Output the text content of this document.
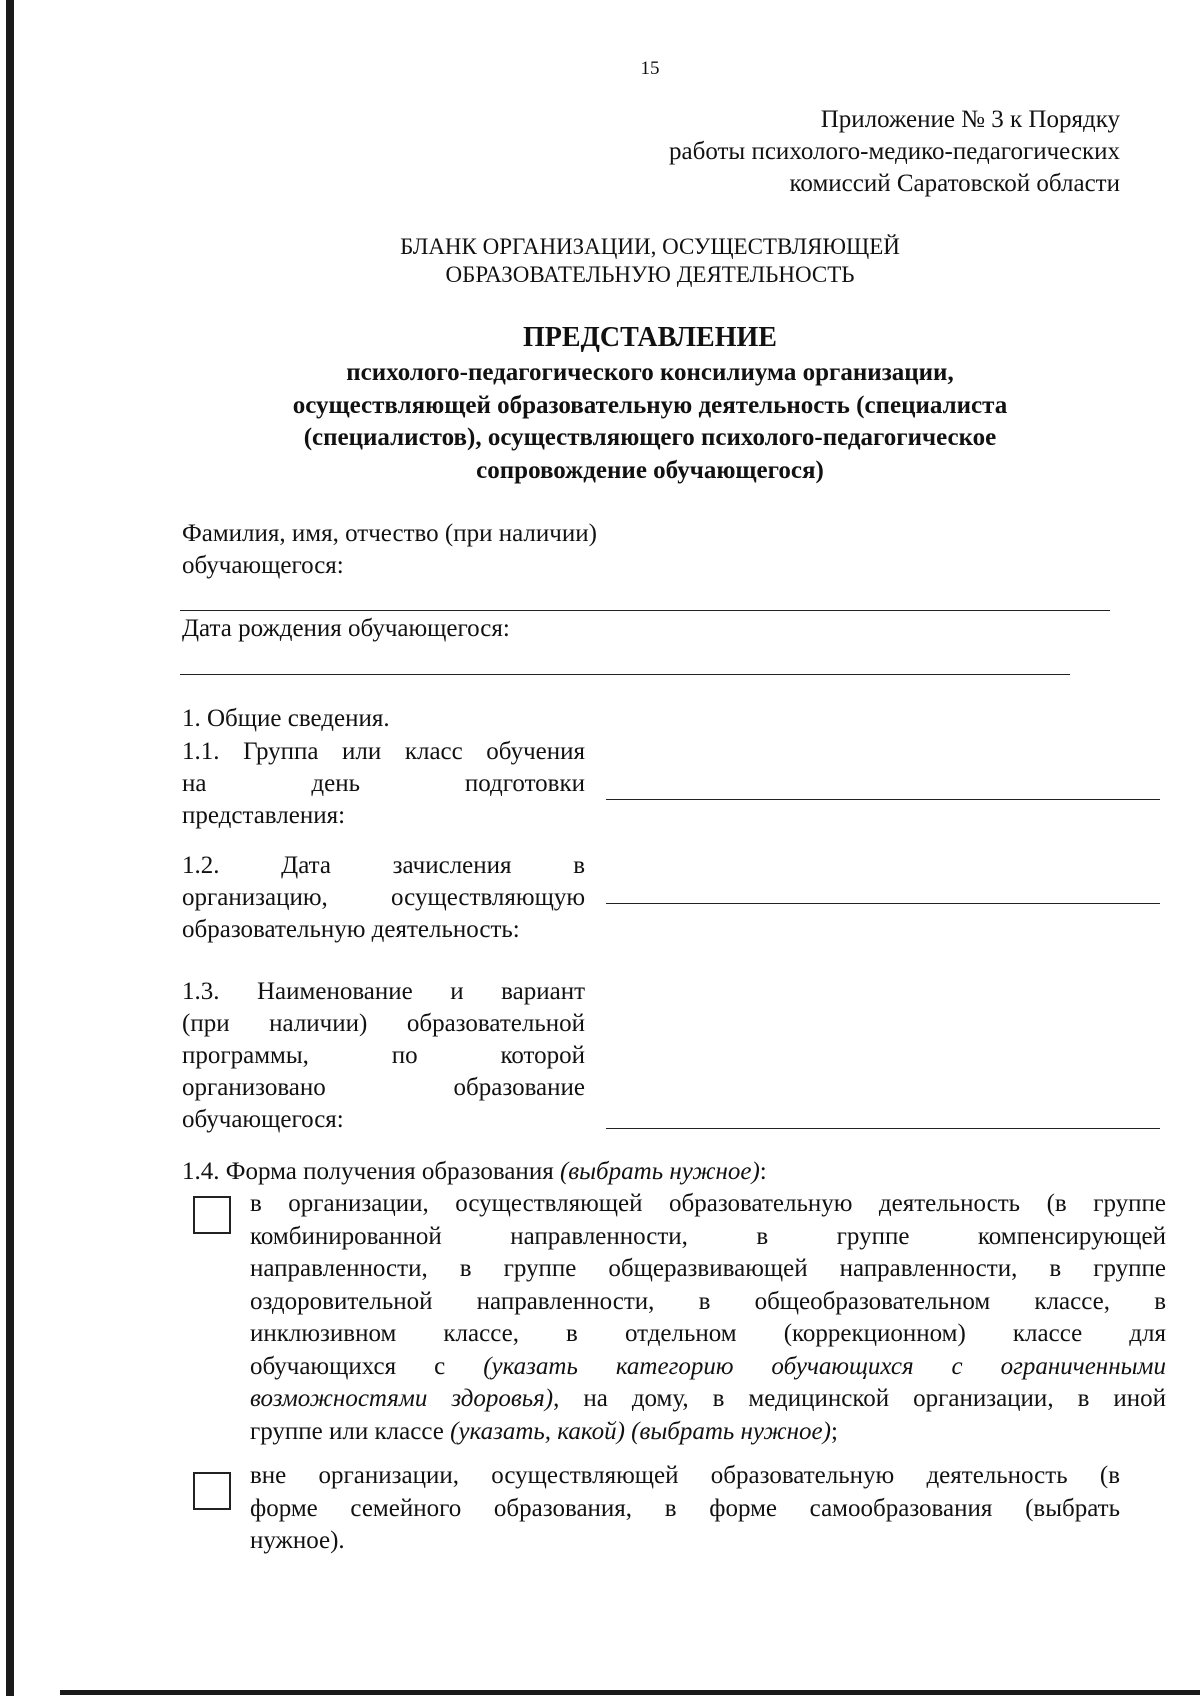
15
Приложение № 3 к Порядку
работы психолого-медико-педагогических
комиссий Саратовской области
БЛАНК ОРГАНИЗАЦИИ, ОСУЩЕСТВЛЯЮЩЕЙ
ОБРАЗОВАТЕЛЬНУЮ ДЕЯТЕЛЬНОСТЬ
ПРЕДСТАВЛЕНИЕ
психолого-педагогического консилиума организации,
осуществляющей образовательную деятельность (специалиста
(специалистов), осуществляющего психолого-педагогическое
сопровождение обучающегося)
Фамилия, имя, отчество (при наличии)
обучающегося:
Дата рождения обучающегося:
1. Общие сведения.
1.1. Группа или класс обучения
на день подготовки
представления:
1.2. Дата зачисления в
организацию, осуществляющую
образовательную деятельность:
1.3. Наименование и вариант
(при наличии) образовательной
программы, по которой
организовано образование
обучающегося:
1.4. Форма получения образования (выбрать нужное):
в организации, осуществляющей образовательную деятельность (в группе
комбинированной направленности, в группе компенсирующей
направленности, в группе общеразвивающей направленности, в группе
оздоровительной направленности, в общеобразовательном классе, в
инклюзивном классе, в отдельном (коррекционном) классе для
обучающихся с (указать категорию обучающихся с ограниченными
возможностями здоровья), на дому, в медицинской организации, в иной
группе или классе (указать, какой) (выбрать нужное);
вне организации, осуществляющей образовательную деятельность (в
форме семейного образования, в форме самообразования (выбрать
нужное).
